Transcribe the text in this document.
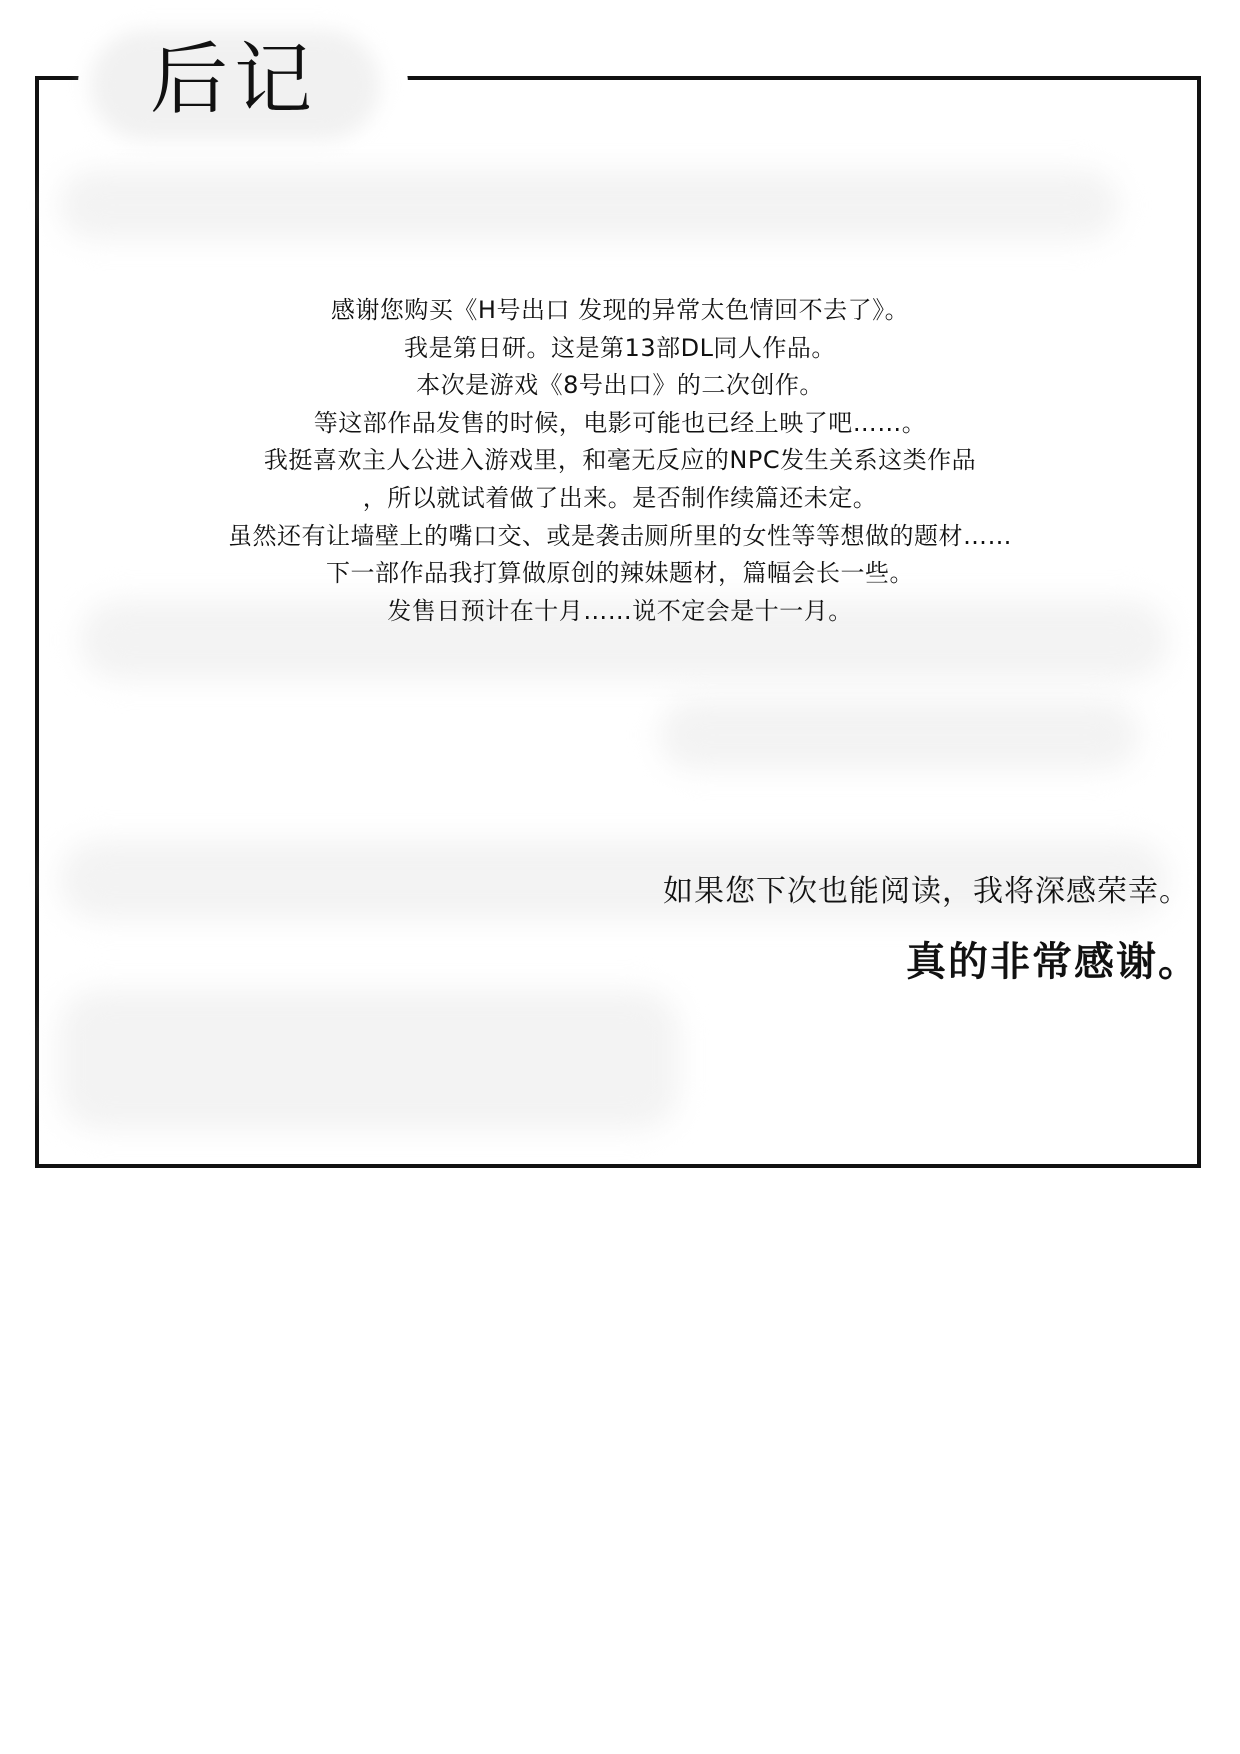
后记
感谢您购买《H号出口 发现的异常太色情回不去了》。
我是第日研。这是第13部DL同人作品。
本次是游戏《8号出口》的二次创作。
等这部作品发售的时候，电影可能也已经上映了吧……。
我挺喜欢主人公进入游戏里，和毫无反应的NPC发生关系这类作品
，所以就试着做了出来。是否制作续篇还未定。
虽然还有让墙壁上的嘴口交、或是袭击厕所里的女性等等想做的题材……
下一部作品我打算做原创的辣妹题材，篇幅会长一些。
发售日预计在十月……说不定会是十一月。

如果您下次也能阅读，我将深感荣幸。

真的非常感谢。
